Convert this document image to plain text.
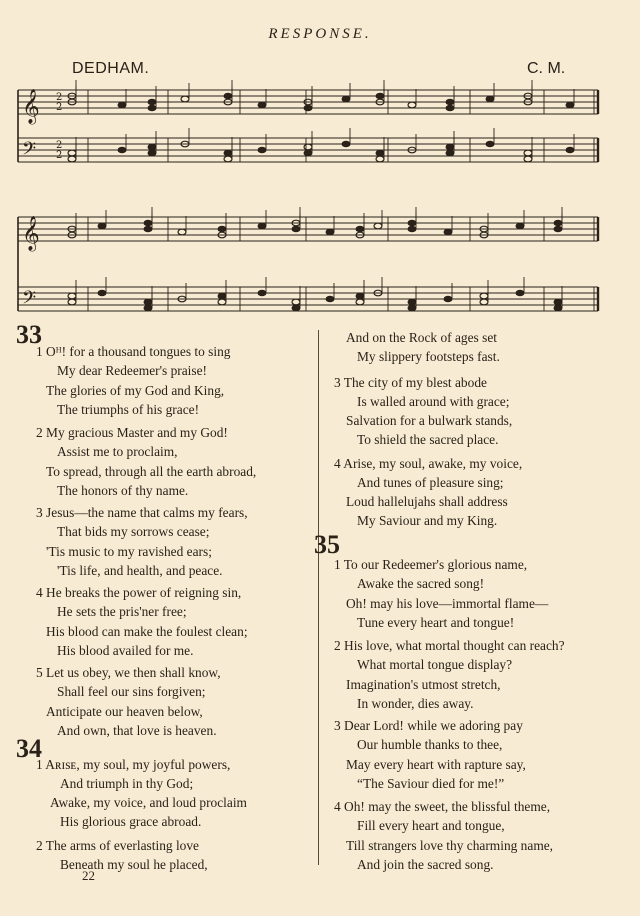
RESPONSE.
DEDHAM.	C. M.
𝄞
𝄢
𝄞
𝄢
2
2
2
2
33
1 Oᴴ! for a thousand tongues to sing
My dear Redeemer's praise!
The glories of my God and King,
The triumphs of his grace!
2 My gracious Master and my God!
Assist me to proclaim,
To spread, through all the earth abroad,
The honors of thy name.
3 Jesus—the name that calms my fears,
That bids my sorrows cease;
'Tis music to my ravished ears;
'Tis life, and health, and peace.
4 He breaks the power of reigning sin,
He sets the pris'ner free;
His blood can make the foulest clean;
His blood availed for me.
5 Let us obey, we then shall know,
Shall feel our sins forgiven;
Anticipate our heaven below,
And own, that love is heaven.
34
1 Aʀɪѕᴇ, my soul, my joyful powers,
And triumph in thy God;
Awake, my voice, and loud proclaim
His glorious grace abroad.
2 The arms of everlasting love
Beneath my soul he placed,
And on the Rock of ages set
My slippery footsteps fast.
3 The city of my blest abode
Is walled around with grace;
Salvation for a bulwark stands,
To shield the sacred place.
4 Arise, my soul, awake, my voice,
And tunes of pleasure sing;
Loud hallelujahs shall address
My Saviour and my King.
35
1 To our Redeemer's glorious name,
Awake the sacred song!
Oh! may his love—immortal flame—
Tune every heart and tongue!
2 His love, what mortal thought can reach?
What mortal tongue display?
Imagination's utmost stretch,
In wonder, dies away.
3 Dear Lord! while we adoring pay
Our humble thanks to thee,
May every heart with rapture say,
“The Saviour died for me!”
4 Oh! may the sweet, the blissful theme,
Fill every heart and tongue,
Till strangers love thy charming name,
And join the sacred song.
22
